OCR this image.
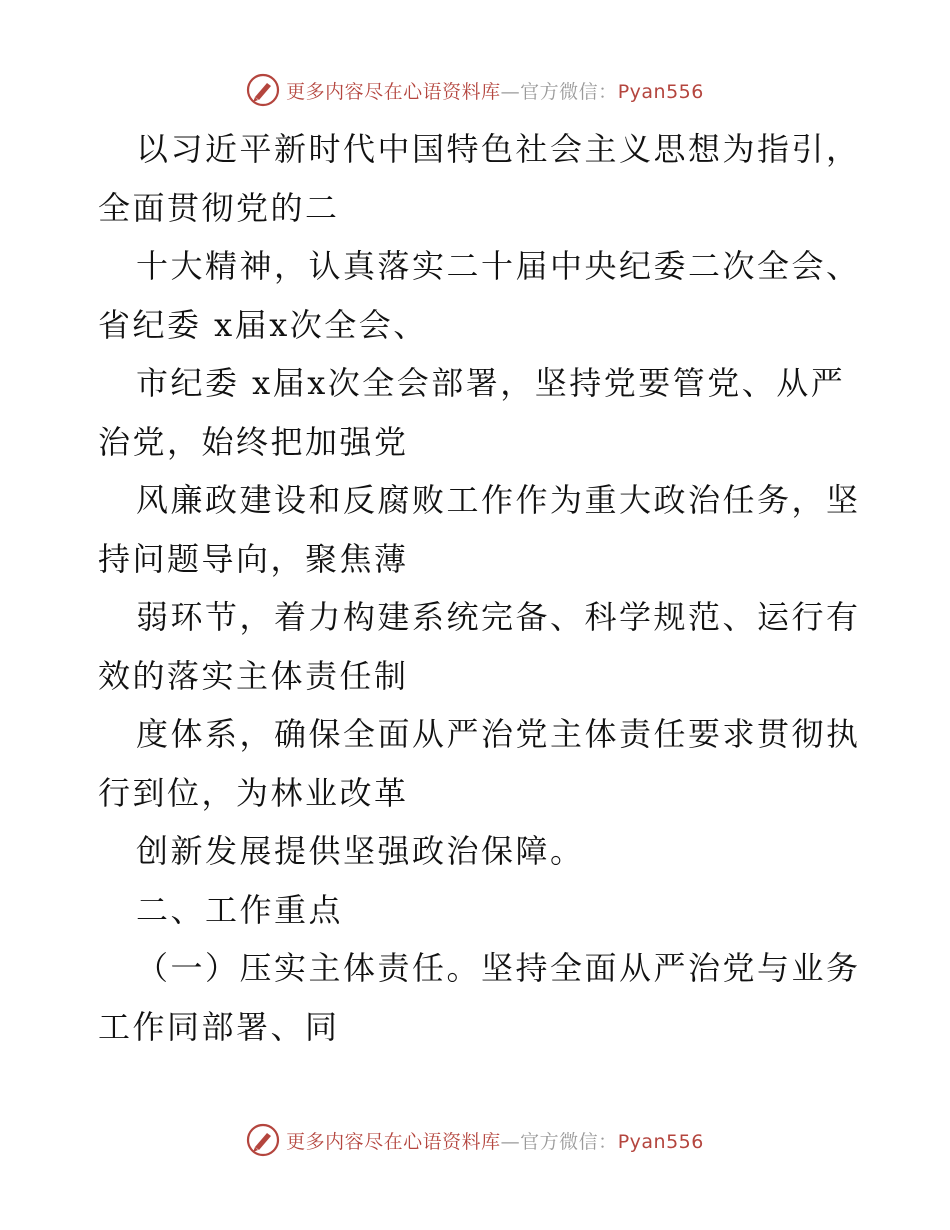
更多内容尽在心语资料库—官方微信：Pyan556
以习近平新时代中国特色社会主义思想为指引，
全面贯彻党的二
十大精神，认真落实二十届中央纪委二次全会、
省纪委 x届x次全会、
市纪委 x届x次全会部署，坚持党要管党、从严
治党，始终把加强党
风廉政建设和反腐败工作作为重大政治任务，坚
持问题导向，聚焦薄
弱环节，着力构建系统完备、科学规范、运行有
效的落实主体责任制
度体系，确保全面从严治党主体责任要求贯彻执
行到位，为林业改革
创新发展提供坚强政治保障。
二、工作重点
（一）压实主体责任。坚持全面从严治党与业务
工作同部署、同
更多内容尽在心语资料库—官方微信：Pyan556
